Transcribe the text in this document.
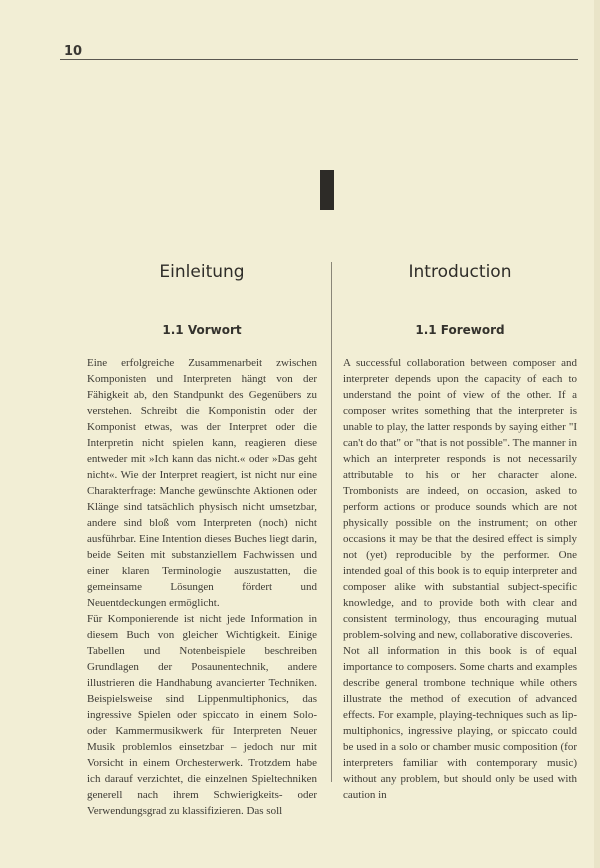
10
Einleitung	Introduction
1.1 Vorwort	1.1 Foreword

Eine erfolgreiche Zusammenarbeit zwischen Komponisten und Interpreten hängt von der Fähigkeit ab, den Standpunkt des Gegenübers zu verstehen. Schreibt die Komponistin oder der Komponist etwas, was der Interpret oder die Interpretin nicht spielen kann, reagieren diese entweder mit »Ich kann das nicht.« oder »Das geht nicht«. Wie der Interpret reagiert, ist nicht nur eine Charakterfrage: Manche gewünschte Aktionen oder Klänge sind tatsächlich physisch nicht umsetzbar, andere sind bloß vom Interpreten (noch) nicht ausführbar. Eine Intention dieses Buches liegt darin, beide Seiten mit substanziellem Fachwissen und einer klaren Terminologie auszustatten, die gemeinsame Lösungen fördert und Neuentdeckungen ermöglicht.

Für Komponierende ist nicht jede Information in diesem Buch von gleicher Wichtigkeit. Einige Tabellen und Notenbeispiele beschreiben Grundlagen der Posaunentechnik, andere illustrieren die Handhabung avancierter Techniken. Beispielsweise sind Lippenmultiphonics, das ingressive Spielen oder spiccato in einem Solo- oder Kammermusikwerk für Interpreten Neuer Musik problemlos einsetzbar – jedoch nur mit Vorsicht in einem Orchesterwerk. Trotzdem habe ich darauf verzichtet, die einzelnen Spieltechniken generell nach ihrem Schwierigkeits- oder Verwendungsgrad zu klassifizieren. Das soll

A successful collaboration between composer and interpreter depends upon the capacity of each to understand the point of view of the other. If a composer writes something that the interpreter is unable to play, the latter responds by saying either "I can't do that" or "that is not possible". The manner in which an interpreter responds is not necessarily attributable to his or her character alone. Trombonists are indeed, on occasion, asked to perform actions or produce sounds which are not physically possible on the instrument; on other occasions it may be that the desired effect is simply not (yet) reproducible by the performer. One intended goal of this book is to equip interpreter and composer alike with substantial subject-specific knowledge, and to provide both with clear and consistent terminology, thus encouraging mutual problem-solving and new, collaborative discoveries.

Not all information in this book is of equal importance to composers. Some charts and examples describe general trombone technique while others illustrate the method of execution of advanced effects. For example, playing-techniques such as lip-multiphonics, ingressive playing, or spiccato could be used in a solo or chamber music composition (for interpreters familiar with contemporary music) without any problem, but should only be used with caution in
